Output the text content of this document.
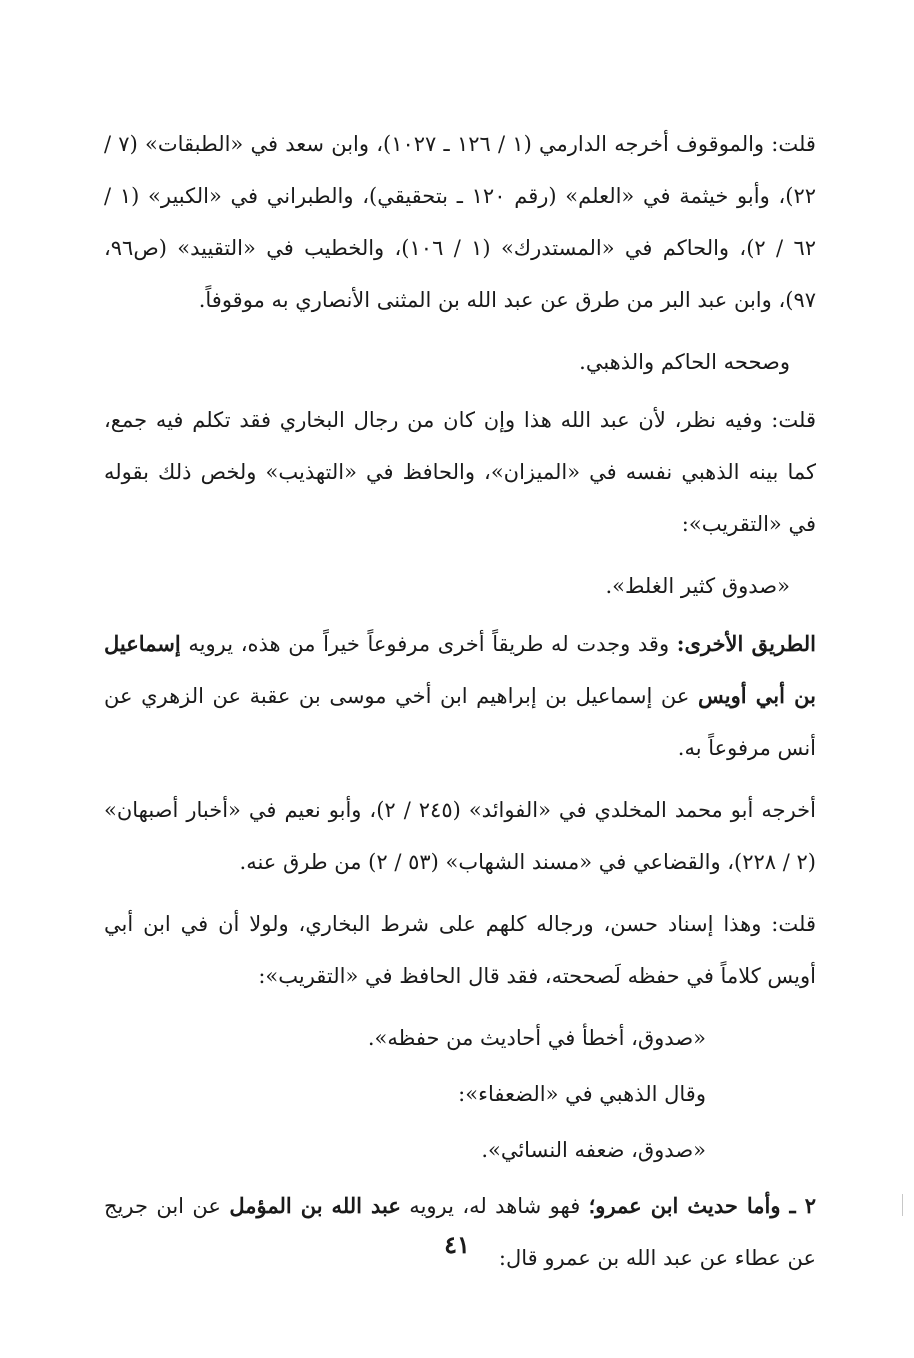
قلت: والموقوف أخرجه الدارمي (١ / ١٢٦ ـ ١٠٢٧)، وابن سعد في «الطبقات» (٧ / ٢٢)، وأبو خيثمة في «العلم» (رقم ١٢٠ ـ بتحقيقي)، والطبراني في «الكبير» (١ / ٦٢ / ٢)، والحاكم في «المستدرك» (١ / ١٠٦)، والخطيب في «التقييد» (ص٩٦، ٩٧)، وابن عبد البر من طرق عن عبد الله بن المثنى الأنصاري به موقوفاً.

وصححه الحاكم والذهبي.

قلت: وفيه نظر، لأن عبد الله هذا وإن كان من رجال البخاري فقد تكلم فيه جمع، كما بينه الذهبي نفسه في «الميزان»، والحافظ في «التهذيب» ولخص ذلك بقوله في «التقريب»:

«صدوق كثير الغلط».

الطريق الأخرى: وقد وجدت له طريقاً أخرى مرفوعاً خيراً من هذه، يرويه إسماعيل بن أبي أويس عن إسماعيل بن إبراهيم ابن أخي موسى بن عقبة عن الزهري عن أنس مرفوعاً به.

أخرجه أبو محمد المخلدي في «الفوائد» (٢٤٥ / ٢)، وأبو نعيم في «أخبار أصبهان» (٢ / ٢٢٨)، والقضاعي في «مسند الشهاب» (٥٣ / ٢) من طرق عنه.

قلت: وهذا إسناد حسن، ورجاله كلهم على شرط البخاري، ولولا أن في ابن أبي أويس كلاماً في حفظه لَصححته، فقد قال الحافظ في «التقريب»:

«صدوق، أخطأ في أحاديث من حفظه».

وقال الذهبي في «الضعفاء»:

«صدوق، ضعفه النسائي».

٢ ـ وأما حديث ابن عمرو؛ فهو شاهد له، يرويه عبد الله بن المؤمل عن ابن جريج عن عطاء عن عبد الله بن عمرو قال:

٤١
